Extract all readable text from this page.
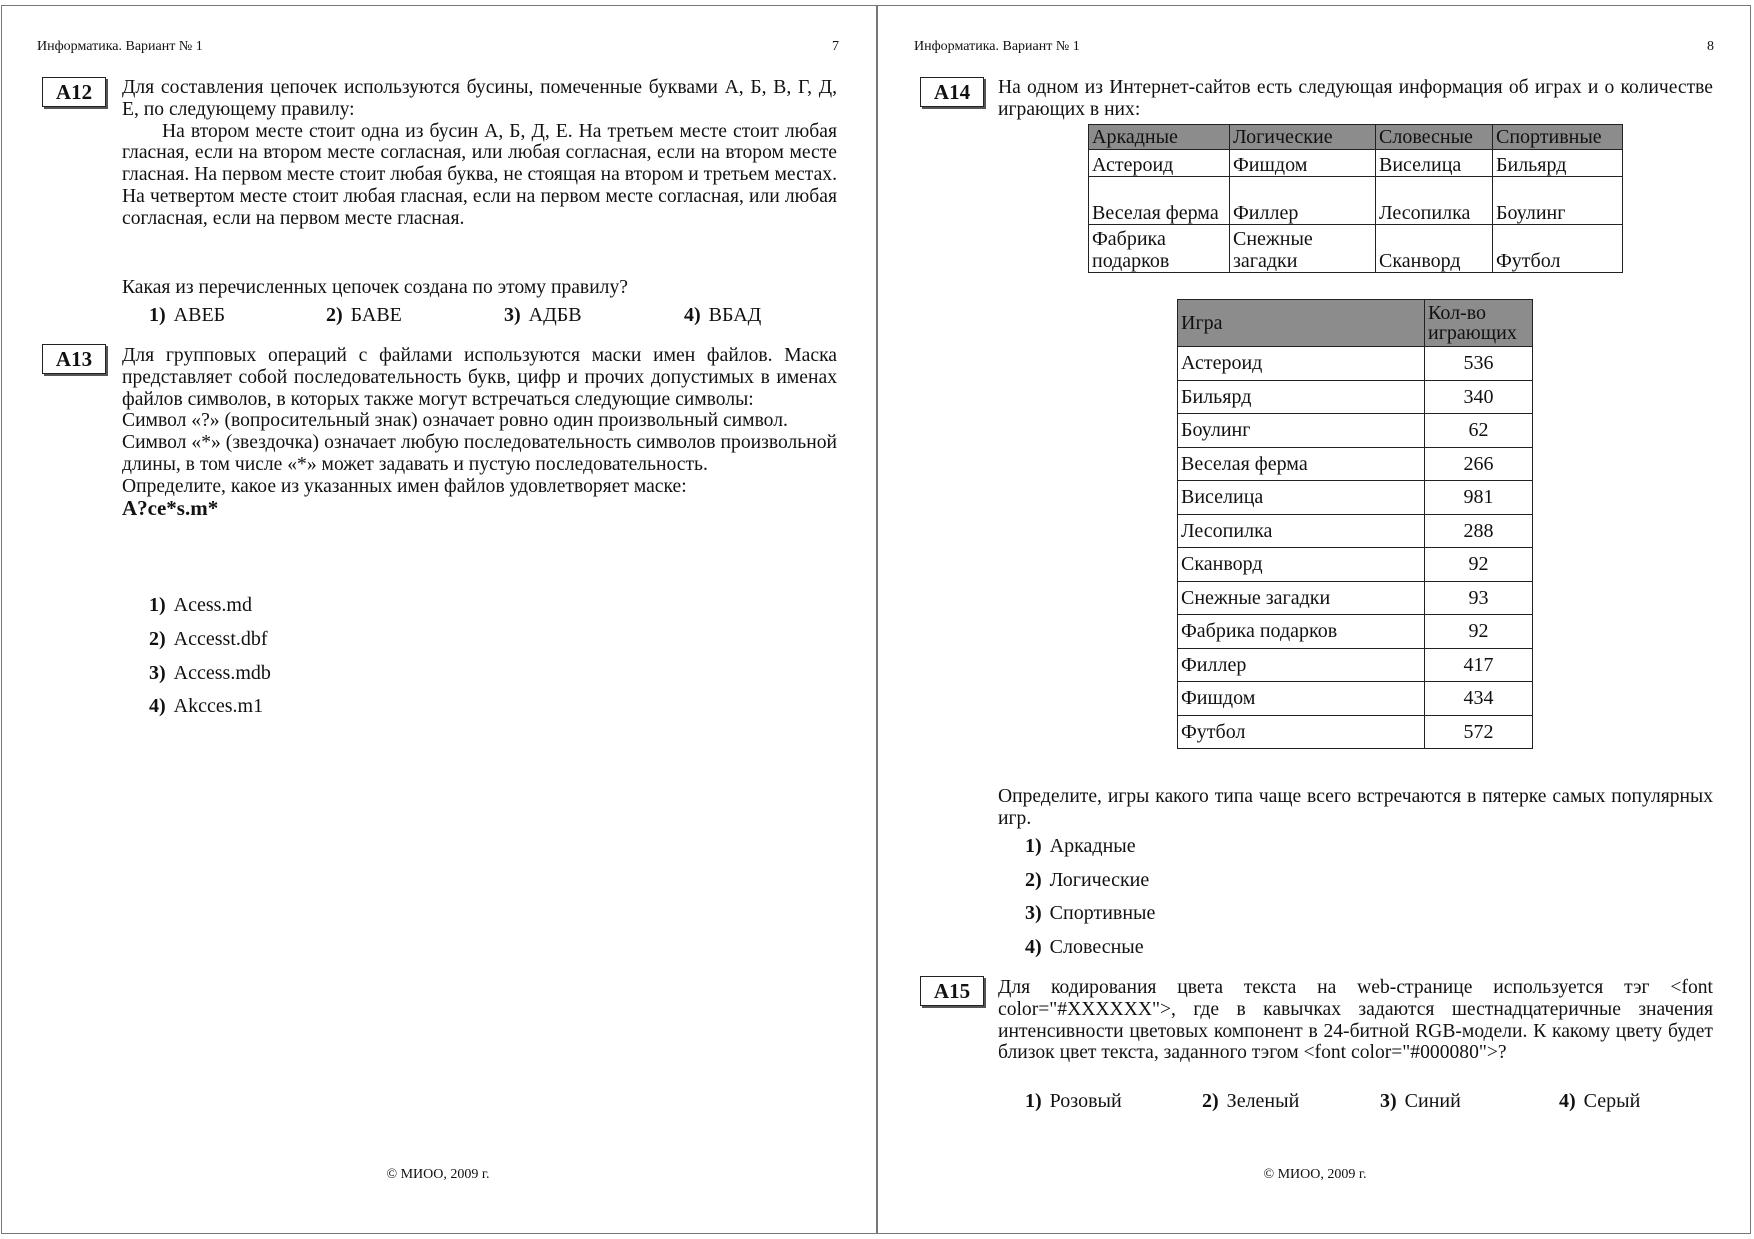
Информатика. Вариант № 1	7
A12	Для составления цепочек используются бусины, помеченные буквами А, Б, В, Г, Д, Е, по следующему правилу:

На втором месте стоит одна из бусин А, Б, Д, Е. На третьем месте стоит любая гласная, если на втором месте согласная, или любая согласная, если на втором месте гласная. На первом месте стоит любая буква, не стоящая на втором и третьем местах. На четвертом месте стоит любая гласная, если на первом месте согласная, или любая согласная, если на первом месте гласная.

Какая из перечисленных цепочек создана по этому правилу?
1) АВЕБ	2) БАВЕ	3) АДБВ	4) ВБАД
A13	Для групповых операций с файлами используются маски имен файлов. Маска представляет собой последовательность букв, цифр и прочих допустимых в именах файлов символов, в которых также могут встречаться следующие символы:

Символ «?» (вопросительный знак) означает ровно один произвольный символ.

Символ «*» (звездочка) означает любую последовательность символов произвольной длины, в том числе «*» может задавать и пустую последовательность.

Определите, какое из указанных имен файлов удовлетворяет маске:

A?ce*s.m*

1) Acess.md
2) Accesst.dbf
3) Access.mdb
4) Akcces.m1
© МИОО, 2009 г.
Информатика. Вариант № 1	8
A14	На одном из Интернет-сайтов есть следующая информация об играх и о количестве играющих в них:
Аркадные	Логические	Словесные	Спортивные
Астероид	Фишдом	Виселица	Бильярд
Веселая ферма	Филлер	Лесопилка	Боулинг
Фабрика подарков	Снежные загадки	Сканворд	Футбол
Игра	Кол-во играющих
Астероид	536
Бильярд	340
Боулинг	62
Веселая ферма	266
Виселица	981
Лесопилка	288
Сканворд	92
Снежные загадки	93
Фабрика подарков	92
Филлер	417
Фишдом	434
Футбол	572
Определите, игры какого типа чаще всего встречаются в пятерке самых популярных игр.
1) Аркадные
2) Логические
3) Спортивные
4) Словесные
A15	Для кодирования цвета текста на web-странице используется тэг <font color="#XXXXXX">, где в кавычках задаются шестнадцатеричные значения интенсивности цветовых компонент в 24-битной RGB-модели. К какому цвету будет близок цвет текста, заданного тэгом <font color="#000080">?
1) Розовый	2) Зеленый	3) Синий	4) Серый
© МИОО, 2009 г.
